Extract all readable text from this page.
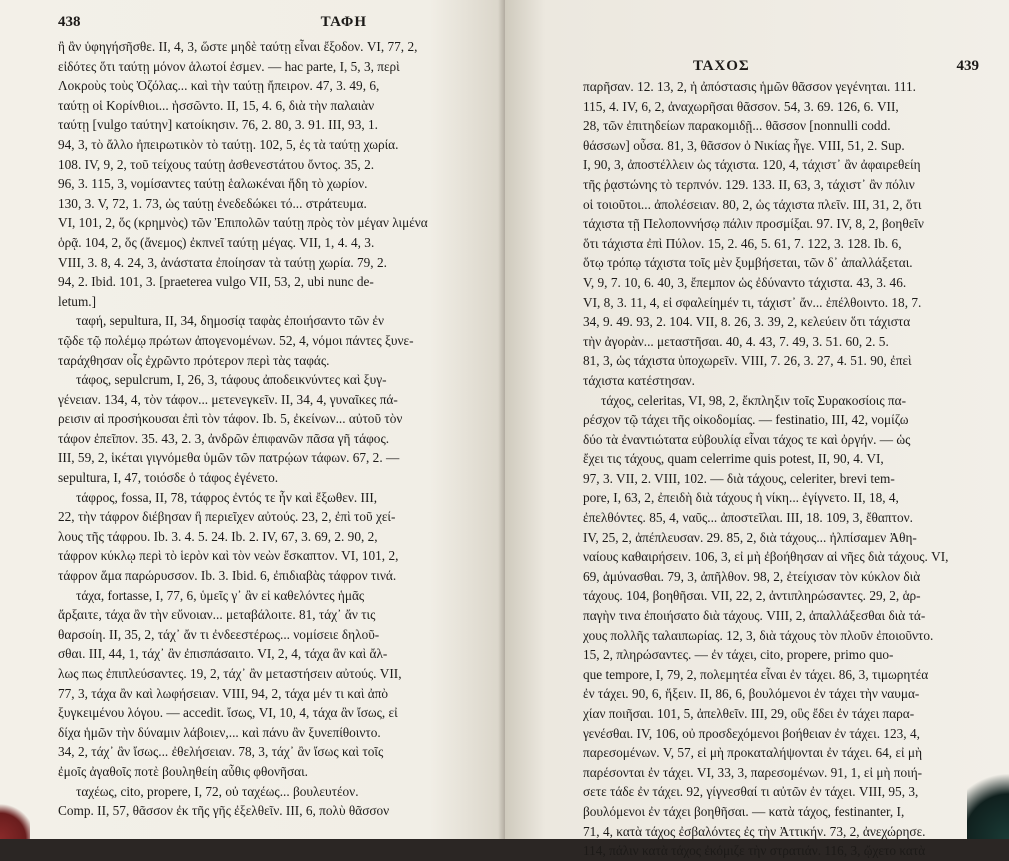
438	ΤΑΦΗ
ἢ ἂν ὑφηγήσῆσθε. II, 4, 3, ὥστε μηδὲ ταύτῃ εἶναι ἔξοδον. VI, 77, 2,
εἰδότες ὅτι ταύτῃ μόνον ἁλωτοί ἐσμεν. — hac parte, I, 5, 3, περὶ
Λοκροὺς τοὺς Ὀζόλας... καὶ τὴν ταύτῃ ἤπειρον. 47, 3. 49, 6,
ταύτῃ οἱ Κορίνθιοι... ἡσσῶντο. II, 15, 4. 6, διὰ τὴν παλαιὰν
ταύτῃ [vulgo ταύτην] κατοίκησιν. 76, 2. 80, 3. 91. III, 93, 1.
94, 3, τὸ ἄλλο ἠπειρωτικὸν τὸ ταύτῃ. 102, 5, ἐς τὰ ταύτῃ χωρία.
108. IV, 9, 2, τοῦ τείχους ταύτῃ ἀσθενεστάτου ὄντος. 35, 2.
96, 3. 115, 3, νομίσαντες ταύτῃ ἑαλωκέναι ἤδη τὸ χωρίον.
130, 3. V, 72, 1. 73, ὡς ταύτῃ ἐνεδεδώκει τό... στράτευμα.
VI, 101, 2, ὅς (κρημνὸς) τῶν Ἐπιπολῶν ταύτῃ πρὸς τὸν μέγαν λιμένα
ὁρᾷ. 104, 2, ὅς (ἄνεμος) ἐκπνεῖ ταύτῃ μέγας. VII, 1, 4. 4, 3.
VIII, 3. 8, 4. 24, 3, ἀνάστατα ἐποίησαν τὰ ταύτῃ χωρία. 79, 2.
94, 2. Ibid. 101, 3. [praeterea vulgo VII, 53, 2, ubi nunc de-
letum.]
ταφή, sepultura, II, 34, δημοσίᾳ ταφὰς ἐποιήσαντο τῶν ἐν
τῷδε τῷ πολέμῳ πρώτων ἀπογενομένων. 52, 4, νόμοι πάντες ξυνε-
ταράχθησαν οἷς ἐχρῶντο πρότερον περὶ τὰς ταφάς.
τάφος, sepulcrum, I, 26, 3, τάφους ἀποδεικνύντες καὶ ξυγ-
γένειαν. 134, 4, τὸν τάφον... μετενεγκεῖν. II, 34, 4, γυναῖκες πά-
ρεισιν αἱ προσήκουσαι ἐπὶ τὸν τάφον. Ib. 5, ἐκείνων... αὐτοῦ τὸν
τάφον ἐπεῖπον. 35. 43, 2. 3, ἀνδρῶν ἐπιφανῶν πᾶσα γῆ τάφος.
III, 59, 2, ἱκέται γιγνόμεθα ὑμῶν τῶν πατρῴων τάφων. 67, 2. —
sepultura, I, 47, τοιόσδε ὁ τάφος ἐγένετο.
τάφρος, fossa, II, 78, τάφρος ἐντός τε ἦν καὶ ἔξωθεν. III,
22, τὴν τάφρον διέβησαν ἢ περιεῖχεν αὐτούς. 23, 2, ἐπὶ τοῦ χεί-
λους τῆς τάφρου. Ib. 3. 4. 5. 24. Ib. 2. IV, 67, 3. 69, 2. 90, 2,
τάφρον κύκλῳ περὶ τὸ ἱερὸν καὶ τὸν νεὼν ἔσκαπτον. VI, 101, 2,
τάφρον ἅμα παρώρυσσον. Ib. 3. Ibid. 6, ἐπιδιαβὰς τάφρον τινά.
τάχα, fortasse, I, 77, 6, ὑμεῖς γ᾽ ἂν εἰ καθελόντες ἡμᾶς
ἄρξαιτε, τάχα ἂν τὴν εὔνοιαν... μεταβάλοιτε. 81, τάχ᾽ ἄν τις
θαρσοίη. II, 35, 2, τάχ᾽ ἄν τι ἐνδεεστέρως... νομίσειε δηλοῦ-
σθαι. III, 44, 1, τάχ᾽ ἂν ἐπισπάσαιτο. VI, 2, 4, τάχα ἂν καὶ ἄλ-
λως πως ἐπιπλεύσαντες. 19, 2, τάχ᾽ ἂν μεταστήσειν αὐτούς. VII,
77, 3, τάχα ἂν καὶ λωφήσειαν. VIII, 94, 2, τάχα μέν τι καὶ ἀπὸ
ξυγκειμένου λόγου. — accedit. ἴσως, VI, 10, 4, τάχα ἂν ἴσως, εἰ
δίχα ἡμῶν τὴν δύναμιν λάβοιεν,... καὶ πάνυ ἂν ξυνεπίθοιντο.
34, 2, τάχ᾽ ἂν ἴσως... ἐθελήσειαν. 78, 3, τάχ᾽ ἂν ἴσως καὶ τοῖς
ἐμοῖς ἀγαθοῖς ποτὲ βουληθείη αὖθις φθονῆσαι.
ταχέως, cito, propere, I, 72, οὐ ταχέως... βουλευτέον.
Comp. II, 57, θᾶσσον ἐκ τῆς γῆς ἐξελθεῖν. III, 6, πολὺ θᾶσσον
ΤΑΧΟΣ	439
παρῆσαν. 12. 13, 2, ἡ ἀπόστασις ἡμῶν θᾶσσον γεγένηται. 111.
115, 4. IV, 6, 2, ἀναχωρῆσαι θᾶσσον. 54, 3. 69. 126, 6. VII,
28, τῶν ἐπιτηδείων παρακομιδῇ... θᾶσσον [nonnulli codd.
θάσσων] οὖσα. 81, 3, θᾶσσον ὁ Νικίας ἦγε. VIII, 51, 2. Sup.
I, 90, 3, ἀποστέλλειν ὡς τάχιστα. 120, 4, τάχιστ᾽ ἂν ἀφαιρεθείη
τῆς ῥᾳστώνης τὸ τερπνόν. 129. 133. II, 63, 3, τάχιστ᾽ ἂν πόλιν
οἱ τοιοῦτοι... ἀπολέσειαν. 80, 2, ὡς τάχιστα πλεῖν. III, 31, 2, ὅτι
τάχιστα τῇ Πελοποννήσῳ πάλιν προσμίξαι. 97. IV, 8, 2, βοηθεῖν
ὅτι τάχιστα ἐπὶ Πύλον. 15, 2. 46, 5. 61, 7. 122, 3. 128. Ib. 6,
ὅτῳ τρόπῳ τάχιστα τοῖς μὲν ξυμβήσεται, τῶν δ᾽ ἀπαλλάξεται.
V, 9, 7. 10, 6. 40, 3, ἔπεμπον ὡς ἐδύναντο τάχιστα. 43, 3. 46.
VI, 8, 3. 11, 4, εἰ σφαλείημέν τι, τάχιστ᾽ ἄν... ἐπέλθοιντο. 18, 7.
34, 9. 49. 93, 2. 104. VII, 8. 26, 3. 39, 2, κελεύειν ὅτι τάχιστα
τὴν ἀγορὰν... μεταστῆσαι. 40, 4. 43, 7. 49, 3. 51. 60, 2. 5.
81, 3, ὡς τάχιστα ὑποχωρεῖν. VIII, 7. 26, 3. 27, 4. 51. 90, ἐπεὶ
τάχιστα κατέστησαν.
τάχος, celeritas, VI, 98, 2, ἔκπληξιν τοῖς Συρακοσίοις πα-
ρέσχον τῷ τάχει τῆς οἰκοδομίας. — festinatio, III, 42, νομίζω
δύο τὰ ἐναντιώτατα εὐβουλίᾳ εἶναι τάχος τε καὶ ὀργήν. — ὡς
ἔχει τις τάχους, quam celerrime quis potest, II, 90, 4. VI,
97, 3. VII, 2. VIII, 102. — διὰ τάχους, celeriter, brevi tem-
pore, I, 63, 2, ἐπειδὴ διὰ τάχους ἡ νίκη... ἐγίγνετο. II, 18, 4,
ἐπελθόντες. 85, 4, ναῦς... ἀποστεῖλαι. III, 18. 109, 3, ἔθαπτον.
IV, 25, 2, ἀπέπλευσαν. 29. 85, 2, διὰ τάχους... ἠλπίσαμεν Ἀθη-
ναίους καθαιρήσειν. 106, 3, εἰ μὴ ἐβοήθησαν αἱ νῆες διὰ τάχους. VI,
69, ἀμύνασθαι. 79, 3, ἀπῆλθον. 98, 2, ἐτείχισαν τὸν κύκλον διὰ
τάχους. 104, βοηθῆσαι. VII, 22, 2, ἀντιπληρώσαντες. 29, 2, ἁρ-
παγὴν τινα ἐποιήσατο διὰ τάχους. VIII, 2, ἀπαλλάξεσθαι διὰ τά-
χους πολλῆς ταλαιπωρίας. 12, 3, διὰ τάχους τὸν πλοῦν ἐποιοῦντο.
15, 2, πληρώσαντες. — ἐν τάχει, cito, propere, primo quo-
que tempore, I, 79, 2, πολεμητέα εἶναι ἐν τάχει. 86, 3, τιμωρητέα
ἐν τάχει. 90, 6, ἥξειν. II, 86, 6, βουλόμενοι ἐν τάχει τὴν ναυμα-
χίαν ποιῆσαι. 101, 5, ἀπελθεῖν. III, 29, οὓς ἔδει ἐν τάχει παρα-
γενέσθαι. IV, 106, οὐ προσδεχόμενοι βοήθειαν ἐν τάχει. 123, 4,
παρεσομένων. V, 57, εἰ μὴ προκαταλήψονται ἐν τάχει. 64, εἰ μὴ
παρέσονται ἐν τάχει. VI, 33, 3, παρεσομένων. 91, 1, εἰ μὴ ποιή-
σετε τάδε ἐν τάχει. 92, γίγνεσθαί τι αὐτῶν ἐν τάχει. VIII, 95, 3,
βουλόμενοι ἐν τάχει βοηθῆσαι. — κατὰ τάχος, festinanter, I,
71, 4, κατὰ τάχος ἐσβαλόντες ἐς τὴν Ἀττικήν. 73, 2, ἀνεχώρησε.
114, πάλιν κατὰ τάχος ἐκόμιζε τὴν στρατιάν. 116, 3, ᾤχετο κατὰ
